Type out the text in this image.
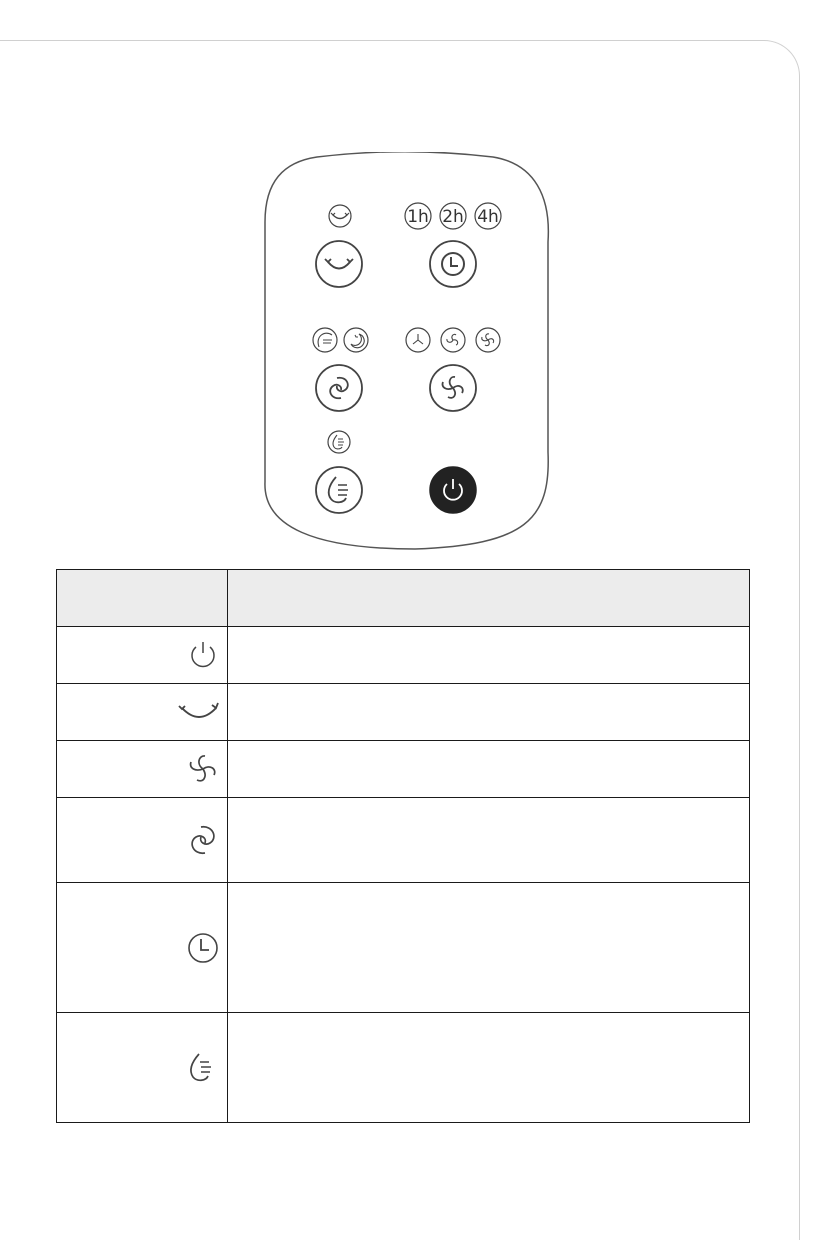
1h 2h 4h
